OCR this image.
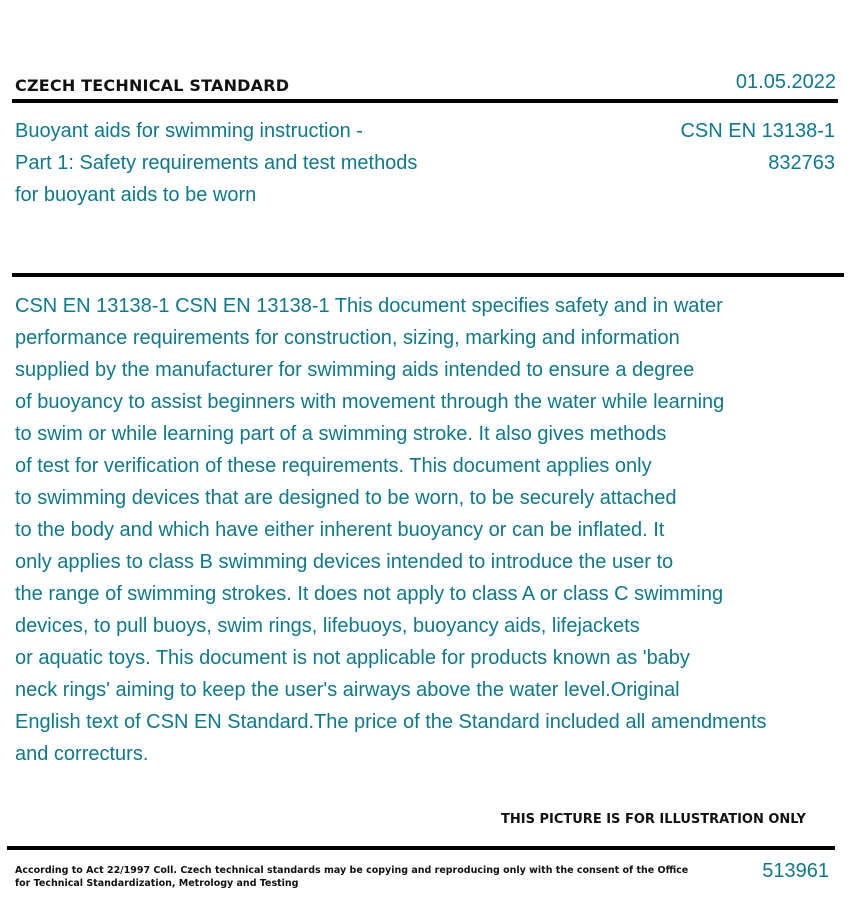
CZECH TECHNICAL STANDARD	01.05.2022
Buoyant aids for swimming instruction -
Part 1: Safety requirements and test methods
for buoyant aids to be worn
CSN EN 13138-1
832763
CSN EN 13138-1 CSN EN 13138-1 This document specifies safety and in water
performance requirements for construction, sizing, marking and information
supplied by the manufacturer for swimming aids intended to ensure a degree
of buoyancy to assist beginners with movement through the water while learning
to swim or while learning part of a swimming stroke. It also gives methods
of test for verification of these requirements. This document applies only
to swimming devices that are designed to be worn, to be securely attached
to the body and which have either inherent buoyancy or can be inflated. It
only applies to class B swimming devices intended to introduce the user to
the range of swimming strokes. It does not apply to class A or class C swimming
devices, to pull buoys, swim rings, lifebuoys, buoyancy aids, lifejackets
or aquatic toys. This document is not applicable for products known as 'baby
neck rings' aiming to keep the user's airways above the water level.Original
English text of CSN EN Standard.The price of the Standard included all amendments
and correcturs.
THIS PICTURE IS FOR ILLUSTRATION ONLY
According to Act 22/1997 Coll. Czech technical standards may be copying and reproducing only with the consent of the Office
for Technical Standardization, Metrology and Testing
513961
